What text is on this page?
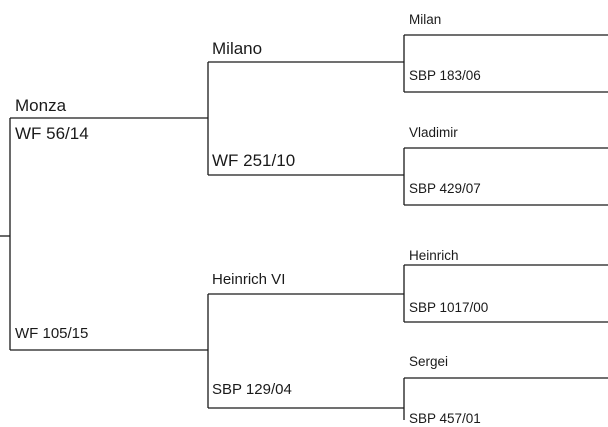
Monza
WF 56/14
WF 105/15
Milano
WF 251/10
Heinrich VI
SBP 129/04
Milan
SBP 183/06
Vladimir
SBP 429/07
Heinrich
SBP 1017/00
Sergei
SBP 457/01
